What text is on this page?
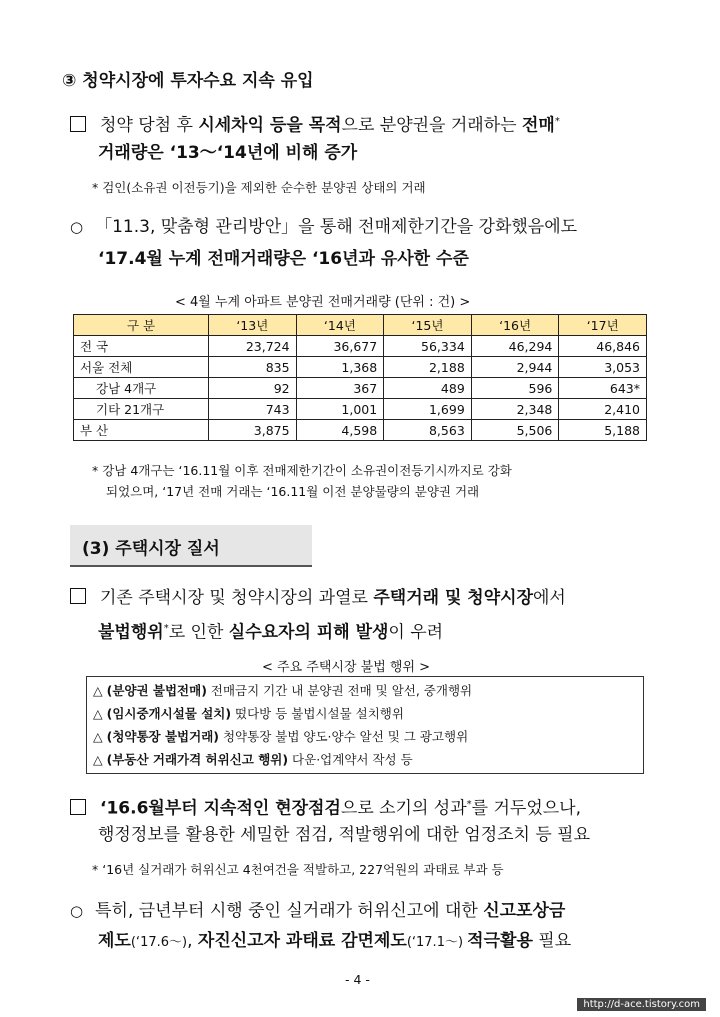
③ 청약시장에 투자수요 지속 유입
청약 당첨 후 시세차익 등을 목적으로 분양권을 거래하는 전매*
거래량은 ‘13～‘14년에 비해 증가
* 검인(소유권 이전등기)을 제외한 순수한 분양권 상태의 거래
○ 「11.3, 맞춤형 관리방안」을 통해 전매제한기간을 강화했음에도
‘17.4월 누계 전매거래량은 ‘16년과 유사한 수준
< 4월 누계 아파트 분양권 전매거래량 (단위 : 건) >
구 분	‘13년	‘14년	‘15년	‘16년	‘17년
전 국	23,724	36,677	56,334	46,294	46,846
서울 전체	835	1,368	2,188	2,944	3,053
강남 4개구	92	367	489	596	643*
기타 21개구	743	1,001	1,699	2,348	2,410
부 산	3,875	4,598	8,563	5,506	5,188
* 강남 4개구는 ‘16.11월 이후 전매제한기간이 소유권이전등기시까지로 강화
되었으며, ‘17년 전매 거래는 ‘16.11월 이전 분양물량의 분양권 거래
(3) 주택시장 질서
기존 주택시장 및 청약시장의 과열로 주택거래 및 청약시장에서
불법행위*로 인한 실수요자의 피해 발생이 우려
< 주요 주택시장 불법 행위 >
△ (분양권 불법전매) 전매금지 기간 내 분양권 전매 및 알선, 중개행위
△ (임시중개시설물 설치) 떴다방 등 불법시설물 설치행위
△ (청약통장 불법거래) 청약통장 불법 양도·양수 알선 및 그 광고행위
△ (부동산 거래가격 허위신고 행위) 다운·업계약서 작성 등
‘16.6월부터 지속적인 현장점검으로 소기의 성과*를 거두었으나,
행정정보를 활용한 세밀한 점검, 적발행위에 대한 엄정조치 등 필요
* ‘16년 실거래가 허위신고 4천여건을 적발하고, 227억원의 과태료 부과 등
○ 특히, 금년부터 시행 중인 실거래가 허위신고에 대한 신고포상금
제도(‘17.6～), 자진신고자 과태료 감면제도(‘17.1～) 적극활용 필요
- 4 -
http://d-ace.tistory.com
